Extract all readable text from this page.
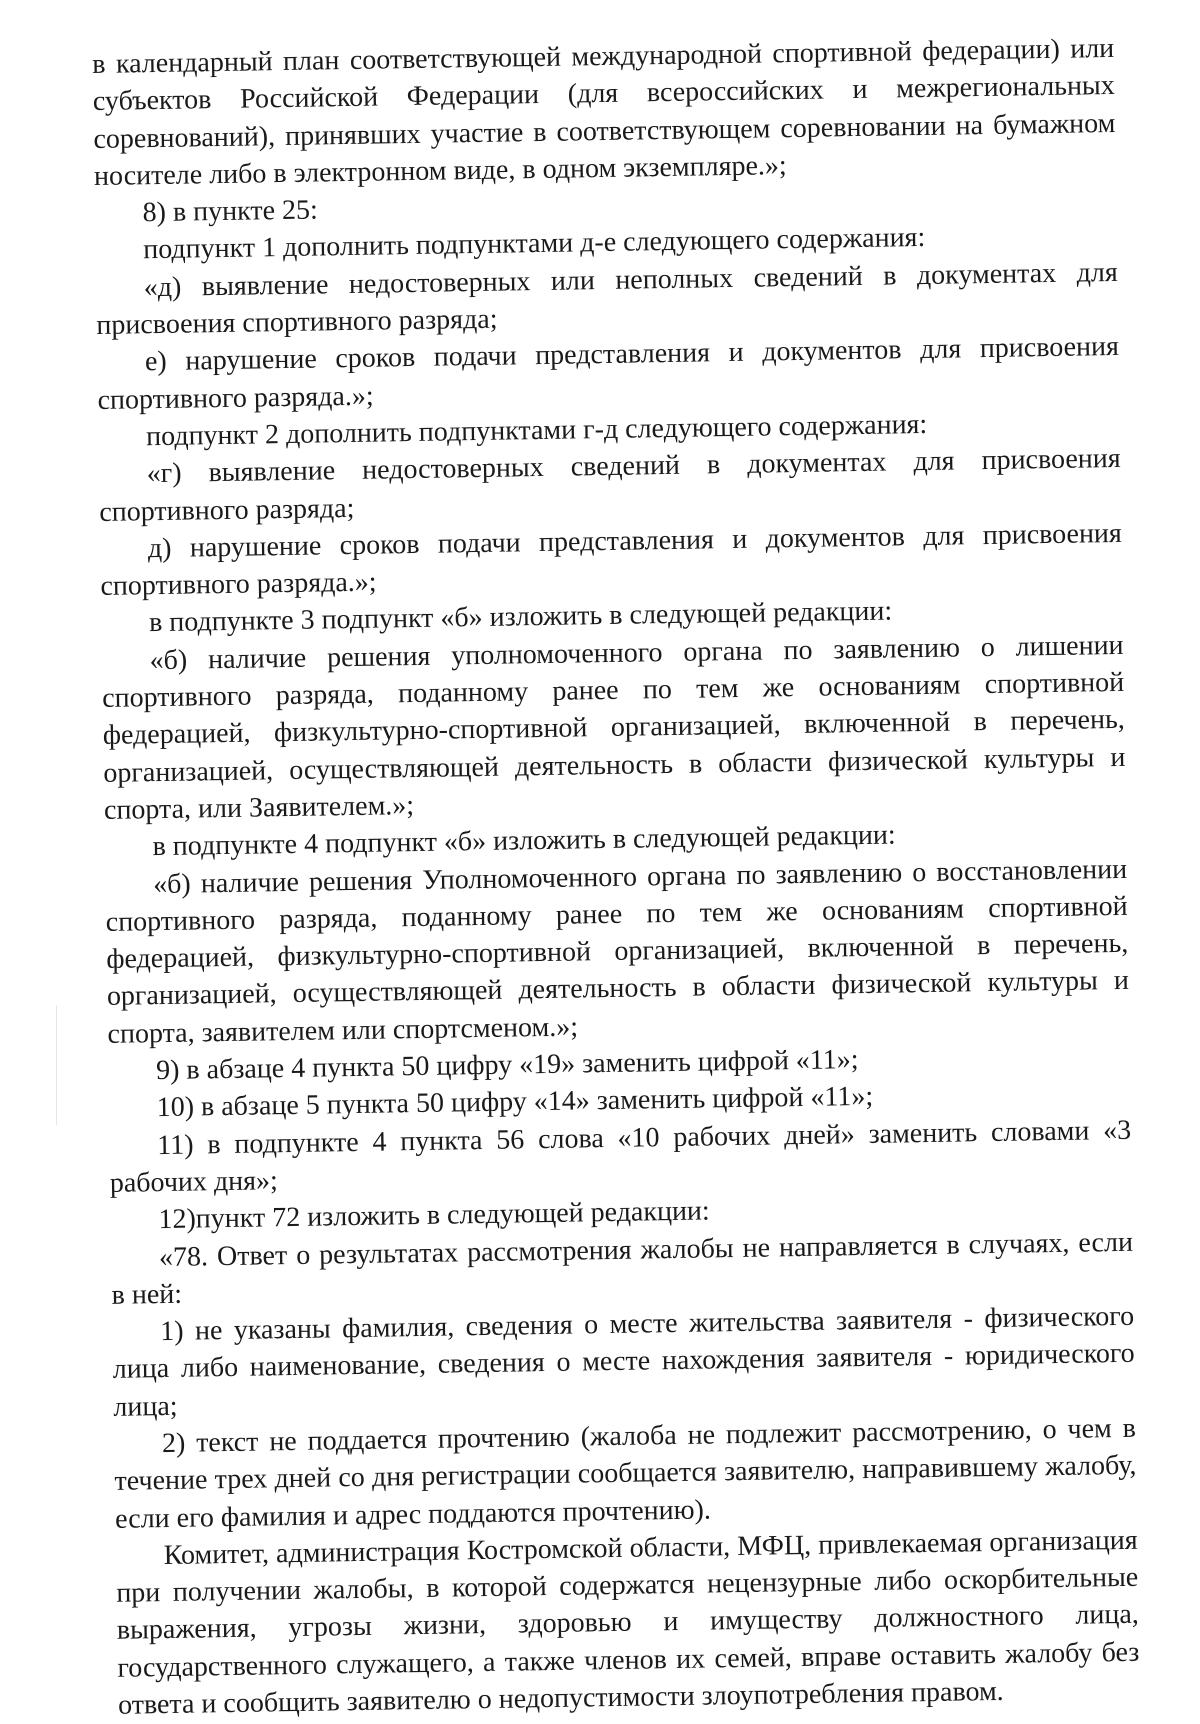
в календарный план соответствующей международной спортивной федерации) или субъектов Российской Федерации (для всероссийских и межрегиональных соревнований), принявших участие в соответствующем соревновании на бумажном носителе либо в электронном виде, в одном экземпляре.»;

8) в пункте 25:

подпункт 1 дополнить подпунктами д-е следующего содержания:

«д) выявление недостоверных или неполных сведений в документах для присвоения спортивного разряда;

е) нарушение сроков подачи представления и документов для присвоения спортивного разряда.»;

подпункт 2 дополнить подпунктами г-д следующего содержания:

«г) выявление недостоверных сведений в документах для присвоения спортивного разряда;

д) нарушение сроков подачи представления и документов для присвоения спортивного разряда.»;

в подпункте 3 подпункт «б» изложить в следующей редакции:

«б) наличие решения уполномоченного органа по заявлению о лишении спортивного разряда, поданному ранее по тем же основаниям спортивной федерацией, физкультурно-спортивной организацией, включенной в перечень, организацией, осуществляющей деятельность в области физической культуры и спорта, или Заявителем.»;

в подпункте 4 подпункт «б» изложить в следующей редакции:

«б) наличие решения Уполномоченного органа по заявлению о восстановлении спортивного разряда, поданному ранее по тем же основаниям спортивной федерацией, физкультурно-спортивной организацией, включенной в перечень, организацией, осуществляющей деятельность в области физической культуры и спорта, заявителем или спортсменом.»;

9) в абзаце 4 пункта 50 цифру «19» заменить цифрой «11»;

10) в абзаце 5 пункта 50 цифру «14» заменить цифрой «11»;

11) в подпункте 4 пункта 56 слова «10 рабочих дней» заменить словами «3 рабочих дня»;

12)пункт 72 изложить в следующей редакции:

«78. Ответ о результатах рассмотрения жалобы не направляется в случаях, если в ней:

1) не указаны фамилия, сведения о месте жительства заявителя - физического лица либо наименование, сведения о месте нахождения заявителя - юридического лица;

2) текст не поддается прочтению (жалоба не подлежит рассмотрению, о чем в течение трех дней со дня регистрации сообщается заявителю, направившему жалобу, если его фамилия и адрес поддаются прочтению).

Комитет, администрация Костромской области, МФЦ, привлекаемая организация при получении жалобы, в которой содержатся нецензурные либо оскорбительные выражения, угрозы жизни, здоровью и имуществу должностного лица, государственного служащего, а также членов их семей, вправе оставить жалобу без ответа и сообщить заявителю о недопустимости злоупотребления правом.
